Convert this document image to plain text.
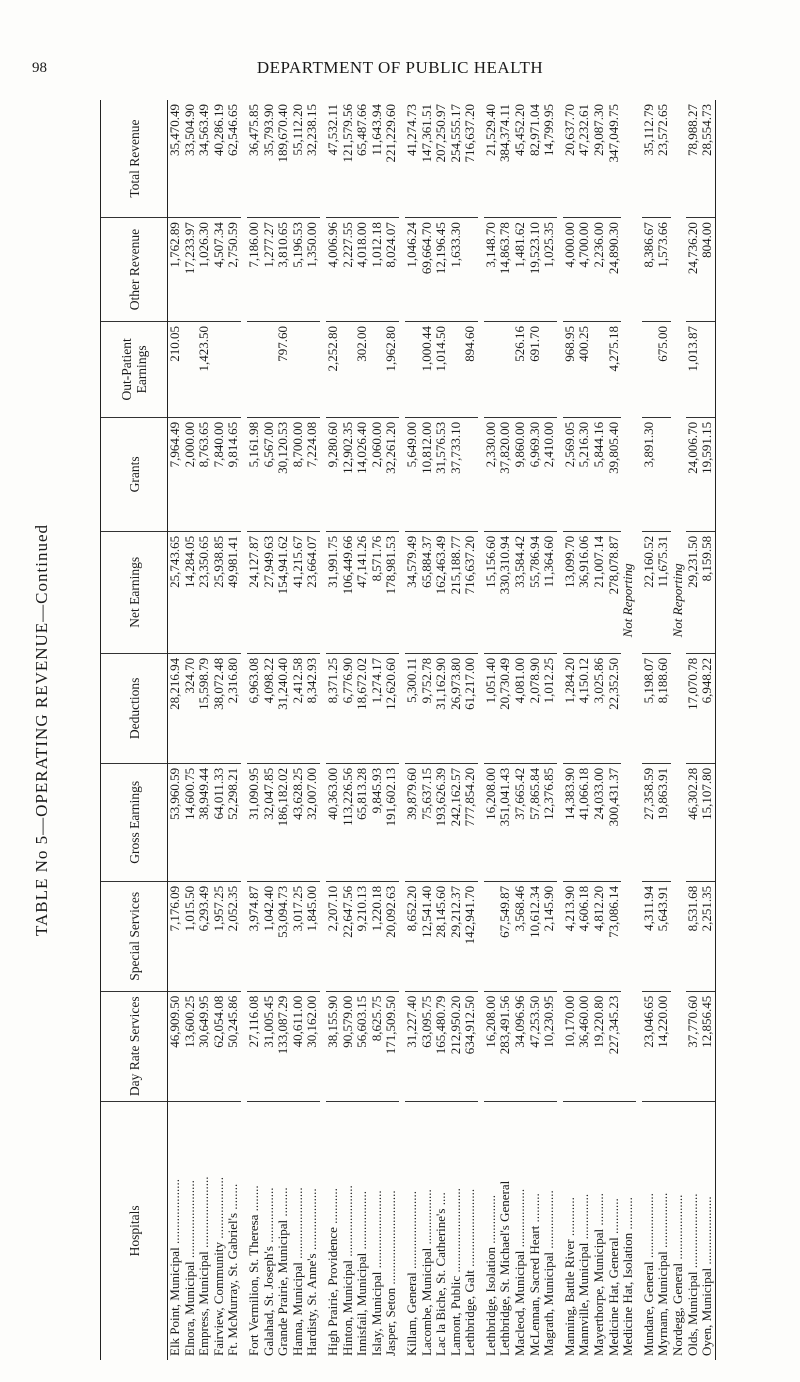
98	DEPARTMENT OF PUBLIC HEALTH
TABLE No 5—OPERATING REVENUE—Continued
Hospitals	Day Rate Services	Special Services	Gross Earnings	Deductions	Net Earnings	Grants	Out-Patient Earnings	Other Revenue	Total Revenue
Elk Point, Municipal ....................	46,909.50	7,176.09	53,960.59	28,216.94	25,743.65	7,964.49	210.05	1,762.89	35,470.49
Elnora, Municipal ........................	13,600.25	1,015.50	14,600.75	324.70	14,284.05	2,000.00		17,233.97	33,504.90
Empress, Municipal ......................	30,649.95	6,293.49	38,949.44	15,598.79	23,350.65	8,763.65	1,423.50	1,026.30	34,563.49
Fairview, Community ...................	62,054.08	1,957.25	64,011.33	38,072.48	25,938.85	7,840.00		4,507.34	40,286.19
Ft. McMurray, St. Gabriel's ........	50,245.86	2,052.35	52,298.21	2,316.80	49,981.41	9,814.65		2,750.59	62,546.65

Fort Vermilion, St. Theresa ........	27,116.08	3,974.87	31,090.95	6,963.08	24,127.87	5,161.98		7,186.00	36,475.85
Galahad, St. Joseph's .................	31,005.45	1,042.40	32,047.85	4,098.22	27,949.63	6,567.00		1,277.27	35,793.90
Grande Prairie, Municipal .........	133,087.29	53,094.73	186,182.02	31,240.40	154,941.62	30,120.53	797.60	3,810.65	189,670.40
Hanna, Municipal ......................	40,611.00	3,017.25	43,628.25	2,412.58	41,215.67	8,700.00		5,196.53	55,112.20
Hardisty, St. Anne's ...................	30,162.00	1,845.00	32,007.00	8,342.93	23,664.07	7,224.08		1,350.00	32,238.15

High Prairie, Providence ...........	38,155.90	2,207.10	40,363.00	8,371.25	31,991.75	9,280.60	2,252.80	4,006.96	47,532.11
Hinton, Municipal ......................	90,579.00	22,647.56	113,226.56	6,776.90	106,449.66	12,902.35		2,227.55	121,579.56
Innisfail, Municipal ..................	56,603.15	9,210.13	65,813.28	18,672.02	47,141.26	14,026.40	302.00	4,018.00	65,487.66
Islay, Municipal ........................	8,625.75	1,220.18	9,845.93	1,274.17	8,571.76	2,060.00		1,012.18	11,643.94
Jasper, Seton .............................	171,509.50	20,092.63	191,602.13	12,620.60	178,981.53	32,261.20	1,962.80	8,024.07	221,229.60

Killam, General ........................	31,227.40	8,652.20	39,879.60	5,300.11	34,579.49	5,649.00		1,046.24	41,274.73
Lacombe, Municipal .................	63,095.75	12,541.40	75,637.15	9,752.78	65,884.37	10,812.00	1,000.44	69,664.70	147,361.51
Lac la Biche, St. Catherine's ....	165,480.79	28,145.60	193,626.39	31,162.90	162,463.49	31,576.53	1,014.50	12,196.45	207,250.97
Lamont, Public ..........................	212,950.20	29,212.37	242,162.57	26,973.80	215,188.77	37,733.10		1,633.30	254,555.17
Lethbridge, Galt ........................	634,912.50	142,941.70	777,854.20	61,217.00	716,637.20		894.60		716,637.20

Lethbridge, Isolation ...............	16,208.00		16,208.00	1,051.40	15,156.60	2,330.00		3,148.70	21,529.40
Lethbridge, St. Michael's General	283,491.56	67,549.87	351,041.43	20,730.49	330,310.94	37,820.00		14,863.78	384,374.11
Macleod, Municipal ..................	34,096.96	3,568.46	37,665.42	4,081.00	33,584.42	9,860.00	526.16	1,481.62	45,452.20
McLennan, Sacred Heart .........	47,253.50	10,612.34	57,865.84	2,078.90	55,786.94	6,969.30	691.70	19,523.10	82,971.04
Magrath, Municipal ..................	10,230.95	2,145.90	12,376.85	1,012.25	11,364.60	2,410.00		1,025.35	14,799.95

Manning, Battle River ............	10,170.00	4,213.90	14,383.90	1,284.20	13,099.70	2,569.05	968.95	4,000.00	20,637.70
Mannville, Municipal ..............	36,460.00	4,606.18	41,066.18	4,150.12	36,916.06	5,216.30	400.25	4,700.00	47,232.61
Mayerthorpe, Municipal ..........	19,220.80	4,812.20	24,033.00	3,025.86	21,007.14	5,844.16		2,236.00	29,087.30
Medicine Hat, General ...........	227,345.23	73,086.14	300,431.37	22,352.50	278,078.87	39,805.40	4,275.18	24,890.30	347,049.75
Medicine Hat, Isolation ..........	Not Reporting								

Mundare, General ....................	23,046.65	4,311.94	27,358.59	5,198.07	22,160.52	3,891.30		8,386.67	35,112.79
Myrnam, Municipal .................	14,220.00	5,643.91	19,863.91	8,188.60	11,675.31		675.00	1,573.66	23,572.65
Nordegg, General ....................	Not Reporting								
Olds, Municipal .......................	37,770.60	8,531.68	46,302.28	17,070.78	29,231.50	24,006.70	1,013.87	24,736.20	78,988.27
Oyen, Municipal .....................	12,856.45	2,251.35	15,107.80	6,948.22	8,159.58	19,591.15		804.00	28,554.73
